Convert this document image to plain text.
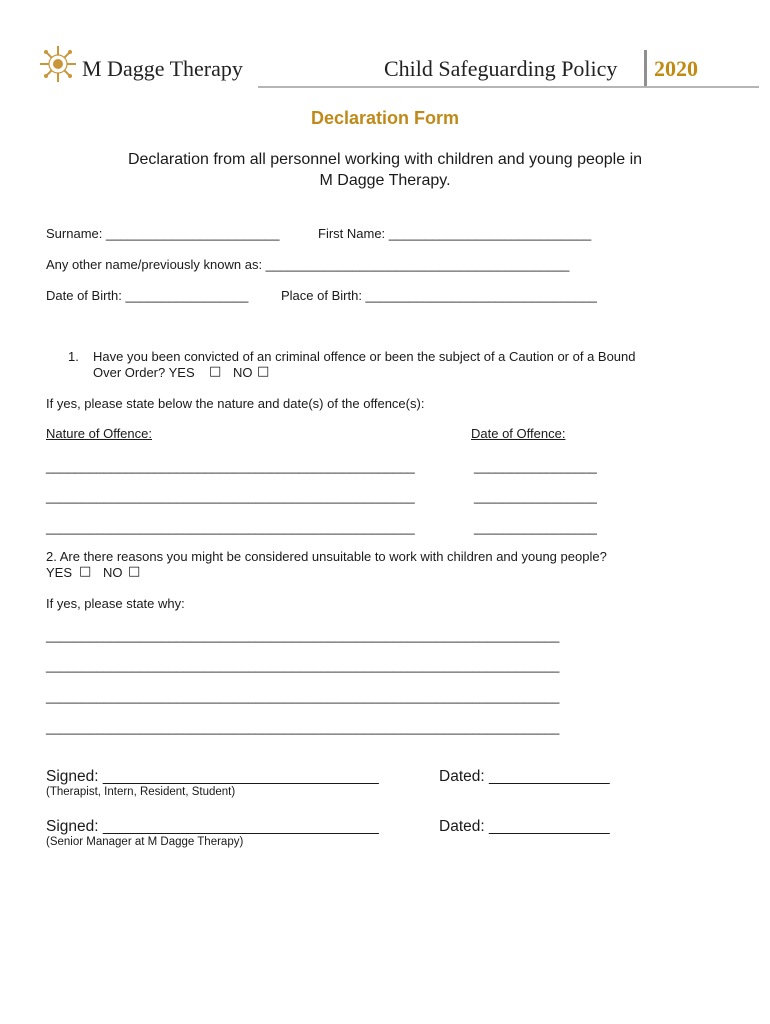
M Dagge Therapy	Child Safeguarding Policy 2020
Declaration Form
Declaration from all personnel working with children and young people in
M Dagge Therapy.
Surname: ________________________	First Name: ____________________________
Any other name/previously known as: __________________________________________
Date of Birth: _________________	Place of Birth: ________________________________
1. Have you been convicted of an criminal offence or been the subject of a Caution or of a Bound
Over Order? YES □ NO □
If yes, please state below the nature and date(s) of the offence(s):
Nature of Offence:	Date of Offence:
___________________________________________________	_________________
___________________________________________________	_________________
___________________________________________________	_________________
2. Are there reasons you might be considered unsuitable to work with children and young people?
YES □ NO □
If yes, please state why:
_______________________________________________________________________
_______________________________________________________________________
_______________________________________________________________________
_______________________________________________________________________
Signed: ________________________________	Dated: ______________
(Therapist, Intern, Resident, Student)
Signed: ________________________________	Dated: ______________
(Senior Manager at M Dagge Therapy)
